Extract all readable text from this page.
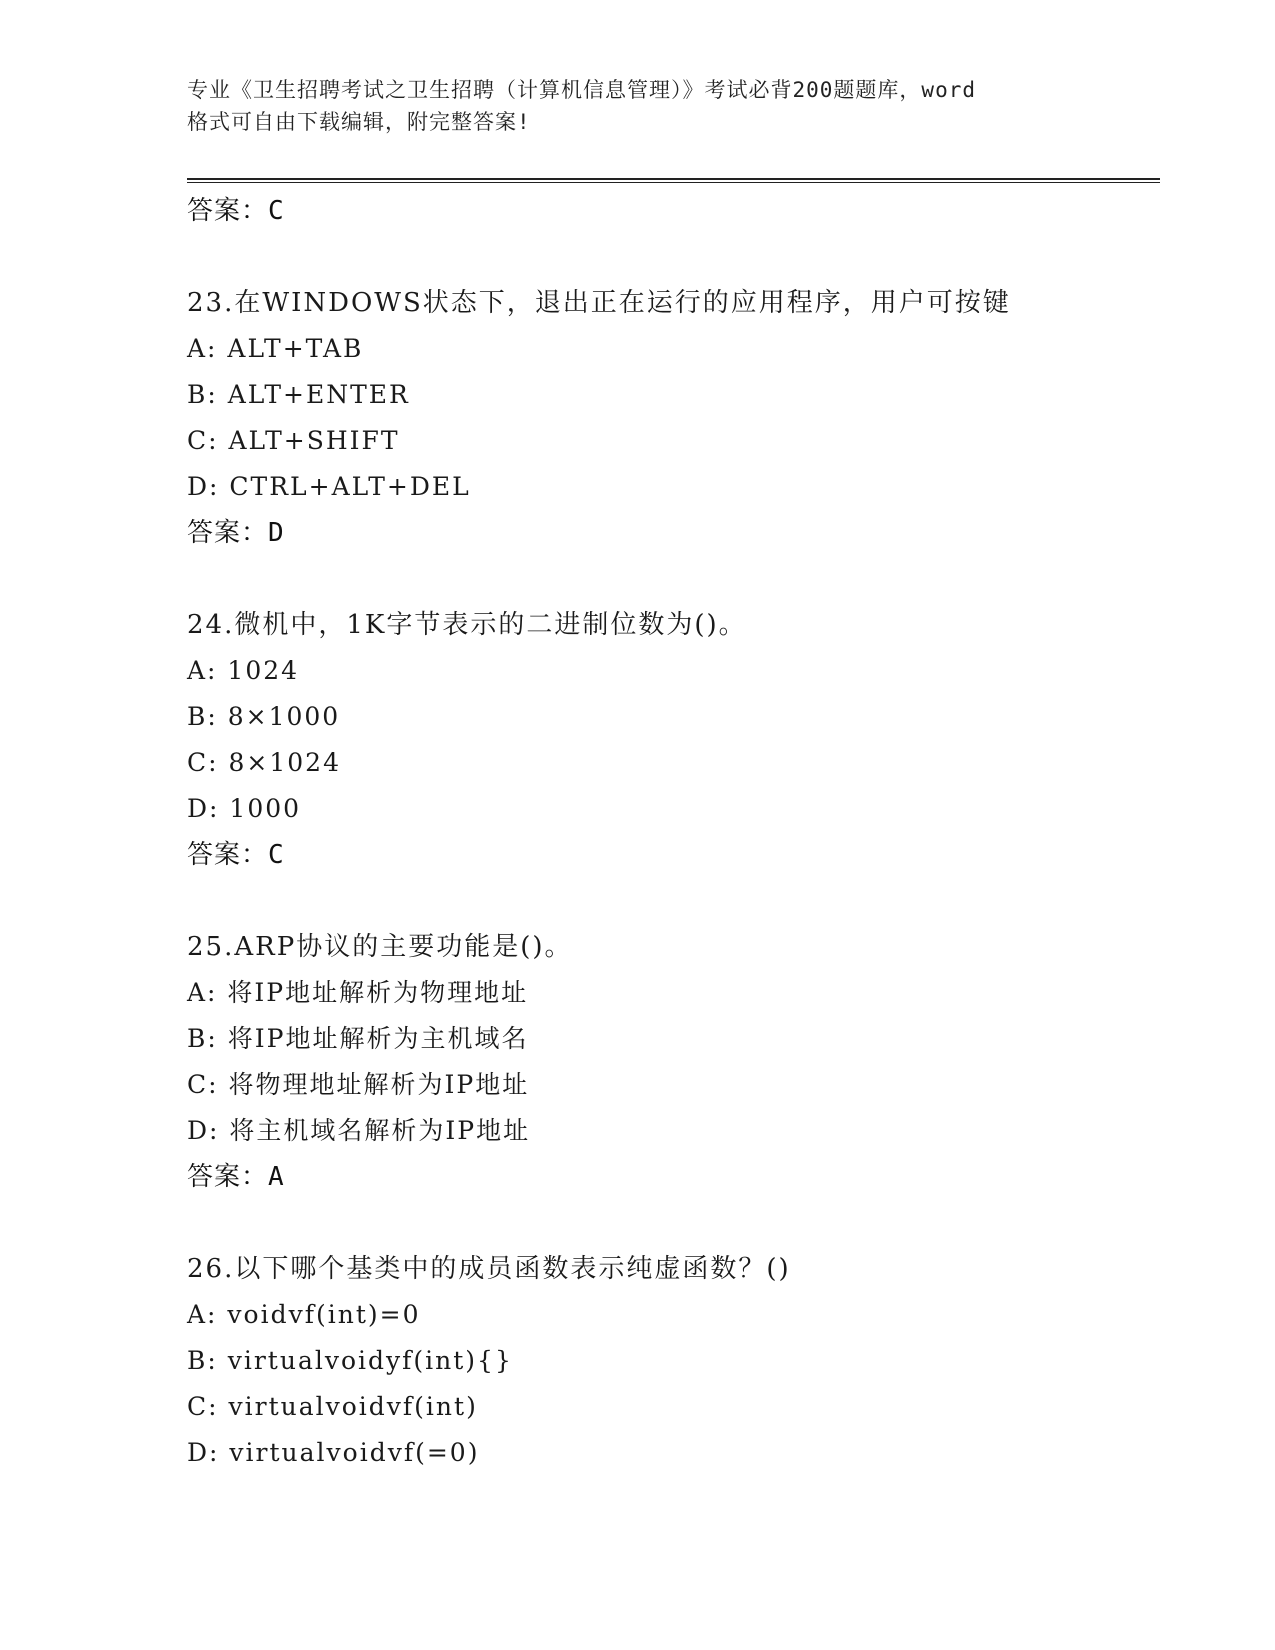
专业《卫生招聘考试之卫生招聘（计算机信息管理）》考试必背200题题库，word
格式可自由下载编辑，附完整答案!
答案：C
23.在WINDOWS状态下，退出正在运行的应用程序，用户可按键
A: ALT+TAB
B: ALT+ENTER
C: ALT+SHIFT
D: CTRL+ALT+DEL
答案：D
24.微机中，1K字节表示的二进制位数为()。
A: 1024
B: 8×1000
C: 8×1024
D: 1000
答案：C
25.ARP协议的主要功能是()。
A: 将IP地址解析为物理地址
B: 将IP地址解析为主机域名
C: 将物理地址解析为IP地址
D: 将主机域名解析为IP地址
答案：A
26.以下哪个基类中的成员函数表示纯虚函数？()
A: voidvf(int)=0
B: virtualvoidyf(int){}
C: virtualvoidvf(int)
D: virtualvoidvf(=0)
